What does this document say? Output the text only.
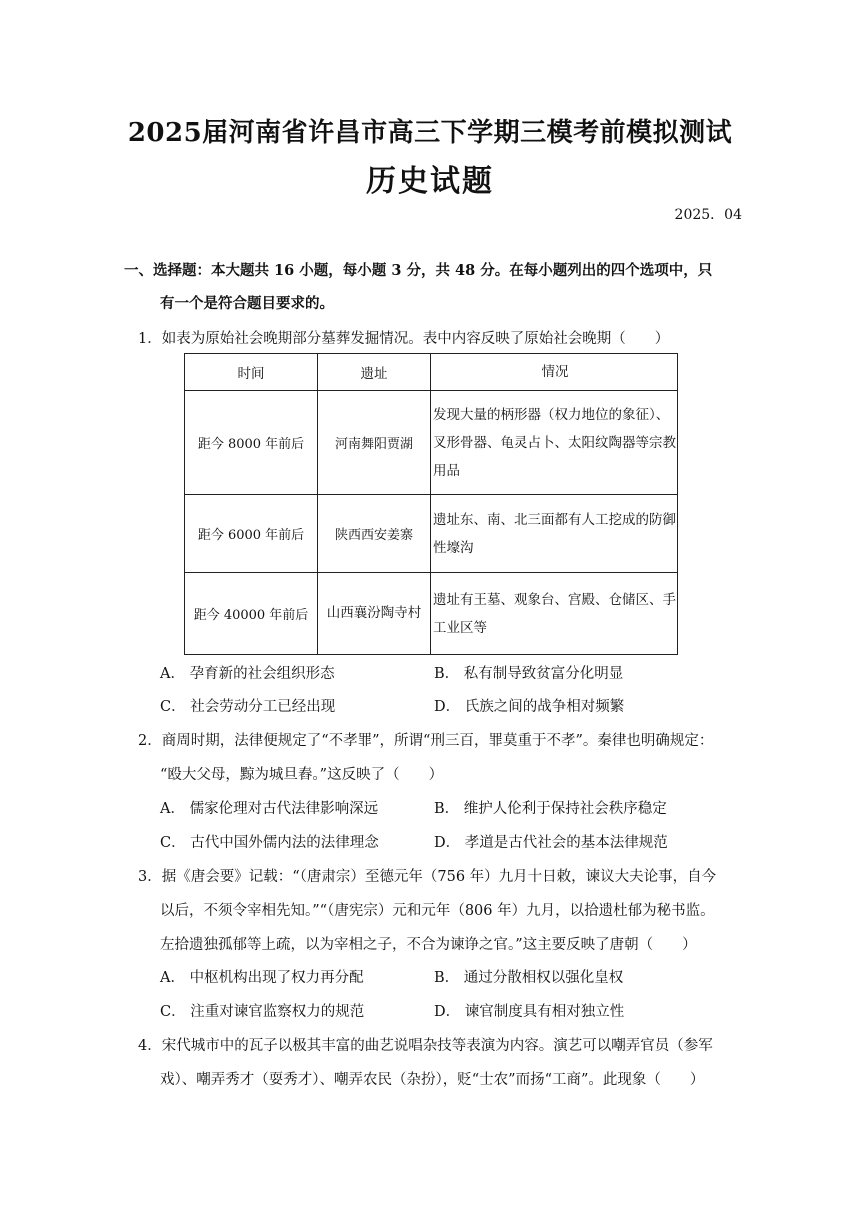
2025届河南省许昌市高三下学期三模考前模拟测试
历史试题
2025．04
一、选择题：本大题共 16 小题，每小题 3 分，共 48 分。在每小题列出的四个选项中，只
有一个是符合题目要求的。
1．如表为原始社会晚期部分墓葬发掘情况。表中内容反映了原始社会晚期（　　）
时间	遗址	情况
距今 8000 年前后	河南舞阳贾湖	发现大量的柄形器（权力地位的象征）、叉形骨器、龟灵占卜、太阳纹陶器等宗教用品
距今 6000 年前后	陕西西安姜寨	遗址东、南、北三面都有人工挖成的防御性壕沟
距今 40000 年前后	山西襄汾陶寺村	遗址有王墓、观象台、宫殿、仓储区、手工业区等
A． 孕育新的社会组织形态	B． 私有制导致贫富分化明显
C． 社会劳动分工已经出现	D． 氏族之间的战争相对频繁
2．商周时期，法律便规定了“不孝罪”，所谓“刑三百，罪莫重于不孝”。秦律也明确规定：
“殴大父母，黥为城旦舂。”这反映了（　　）
A． 儒家伦理对古代法律影响深远	B． 维护人伦利于保持社会秩序稳定
C． 古代中国外儒内法的法律理念	D． 孝道是古代社会的基本法律规范
3．据《唐会要》记载：“（唐肃宗）至德元年（756 年）九月十日敕，谏议大夫论事，自今
以后，不须令宰相先知。”“（唐宪宗）元和元年（806 年）九月，以拾遗杜郁为秘书监。
左拾遗独孤郁等上疏，以为宰相之子，不合为谏诤之官。”这主要反映了唐朝（　　）
A． 中枢机构出现了权力再分配	B． 通过分散相权以强化皇权
C． 注重对谏官监察权力的规范	D． 谏官制度具有相对独立性
4．宋代城市中的瓦子以极其丰富的曲艺说唱杂技等表演为内容。演艺可以嘲弄官员（参军
戏）、嘲弄秀才（耍秀才）、嘲弄农民（杂扮），贬“士农”而扬“工商”。此现象（　　）
